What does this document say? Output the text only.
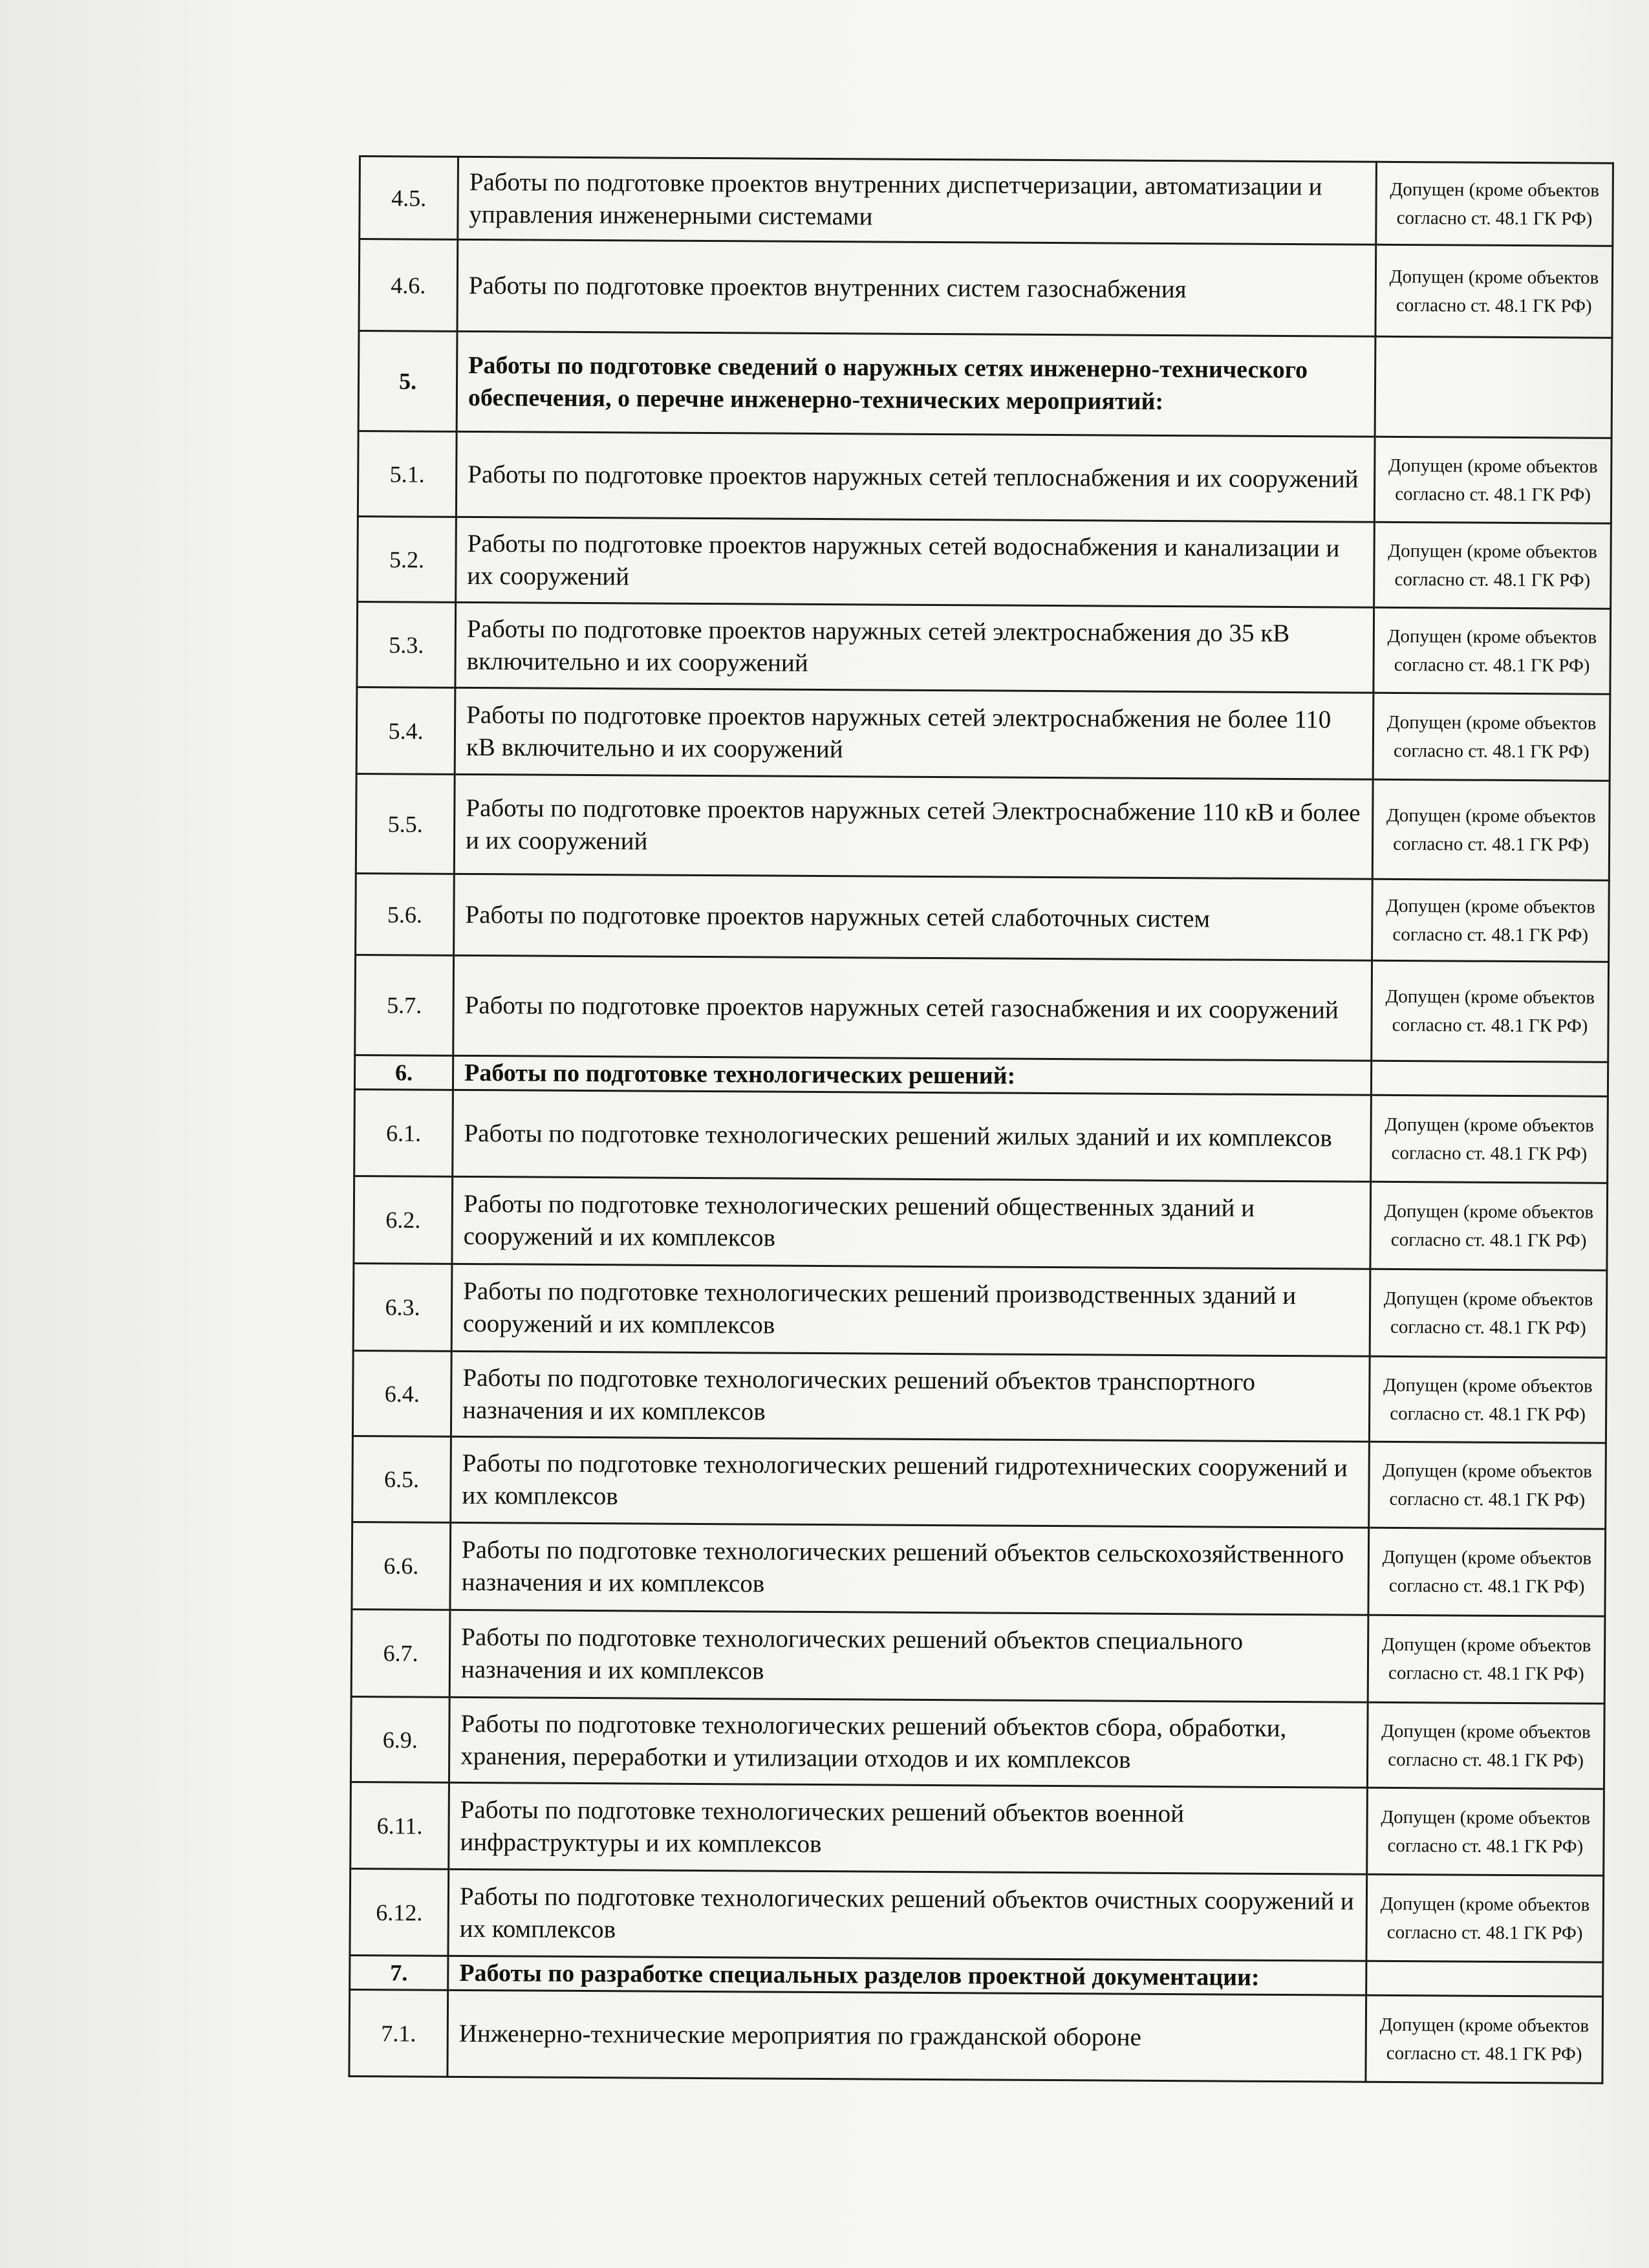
4.5.	Работы по подготовке проектов внутренних диспетчеризации, автоматизации и управления инженерными системами	Допущен (кроме объектов согласно ст. 48.1 ГК РФ)
4.6.	Работы по подготовке проектов внутренних систем газоснабжения	Допущен (кроме объектов согласно ст. 48.1 ГК РФ)
5.	Работы по подготовке сведений о наружных сетях инженерно-технического обеспечения, о перечне инженерно-технических мероприятий:	
5.1.	Работы по подготовке проектов наружных сетей теплоснабжения и их сооружений	Допущен (кроме объектов согласно ст. 48.1 ГК РФ)
5.2.	Работы по подготовке проектов наружных сетей водоснабжения и канализации и их сооружений	Допущен (кроме объектов согласно ст. 48.1 ГК РФ)
5.3.	Работы по подготовке проектов наружных сетей электроснабжения до 35 кВ включительно и их сооружений	Допущен (кроме объектов согласно ст. 48.1 ГК РФ)
5.4.	Работы по подготовке проектов наружных сетей электроснабжения не более 110 кВ включительно и их сооружений	Допущен (кроме объектов согласно ст. 48.1 ГК РФ)
5.5.	Работы по подготовке проектов наружных сетей Электроснабжение 110 кВ и более и их сооружений	Допущен (кроме объектов согласно ст. 48.1 ГК РФ)
5.6.	Работы по подготовке проектов наружных сетей слаботочных систем	Допущен (кроме объектов согласно ст. 48.1 ГК РФ)
5.7.	Работы по подготовке проектов наружных сетей газоснабжения и их сооружений	Допущен (кроме объектов согласно ст. 48.1 ГК РФ)
6.	Работы по подготовке технологических решений:	
6.1.	Работы по подготовке технологических решений жилых зданий и их комплексов	Допущен (кроме объектов согласно ст. 48.1 ГК РФ)
6.2.	Работы по подготовке технологических решений общественных зданий и сооружений и их комплексов	Допущен (кроме объектов согласно ст. 48.1 ГК РФ)
6.3.	Работы по подготовке технологических решений производственных зданий и сооружений и их комплексов	Допущен (кроме объектов согласно ст. 48.1 ГК РФ)
6.4.	Работы по подготовке технологических решений объектов транспортного назначения и их комплексов	Допущен (кроме объектов согласно ст. 48.1 ГК РФ)
6.5.	Работы по подготовке технологических решений гидротехнических сооружений и их комплексов	Допущен (кроме объектов согласно ст. 48.1 ГК РФ)
6.6.	Работы по подготовке технологических решений объектов сельскохозяйственного назначения и их комплексов	Допущен (кроме объектов согласно ст. 48.1 ГК РФ)
6.7.	Работы по подготовке технологических решений объектов специального назначения и их комплексов	Допущен (кроме объектов согласно ст. 48.1 ГК РФ)
6.9.	Работы по подготовке технологических решений объектов сбора, обработки, хранения, переработки и утилизации отходов и их комплексов	Допущен (кроме объектов согласно ст. 48.1 ГК РФ)
6.11.	Работы по подготовке технологических решений объектов военной инфраструктуры и их комплексов	Допущен (кроме объектов согласно ст. 48.1 ГК РФ)
6.12.	Работы по подготовке технологических решений объектов очистных сооружений и их комплексов	Допущен (кроме объектов согласно ст. 48.1 ГК РФ)
7.	Работы по разработке специальных разделов проектной документации:	
7.1.	Инженерно-технические мероприятия по гражданской обороне	Допущен (кроме объектов согласно ст. 48.1 ГК РФ)
